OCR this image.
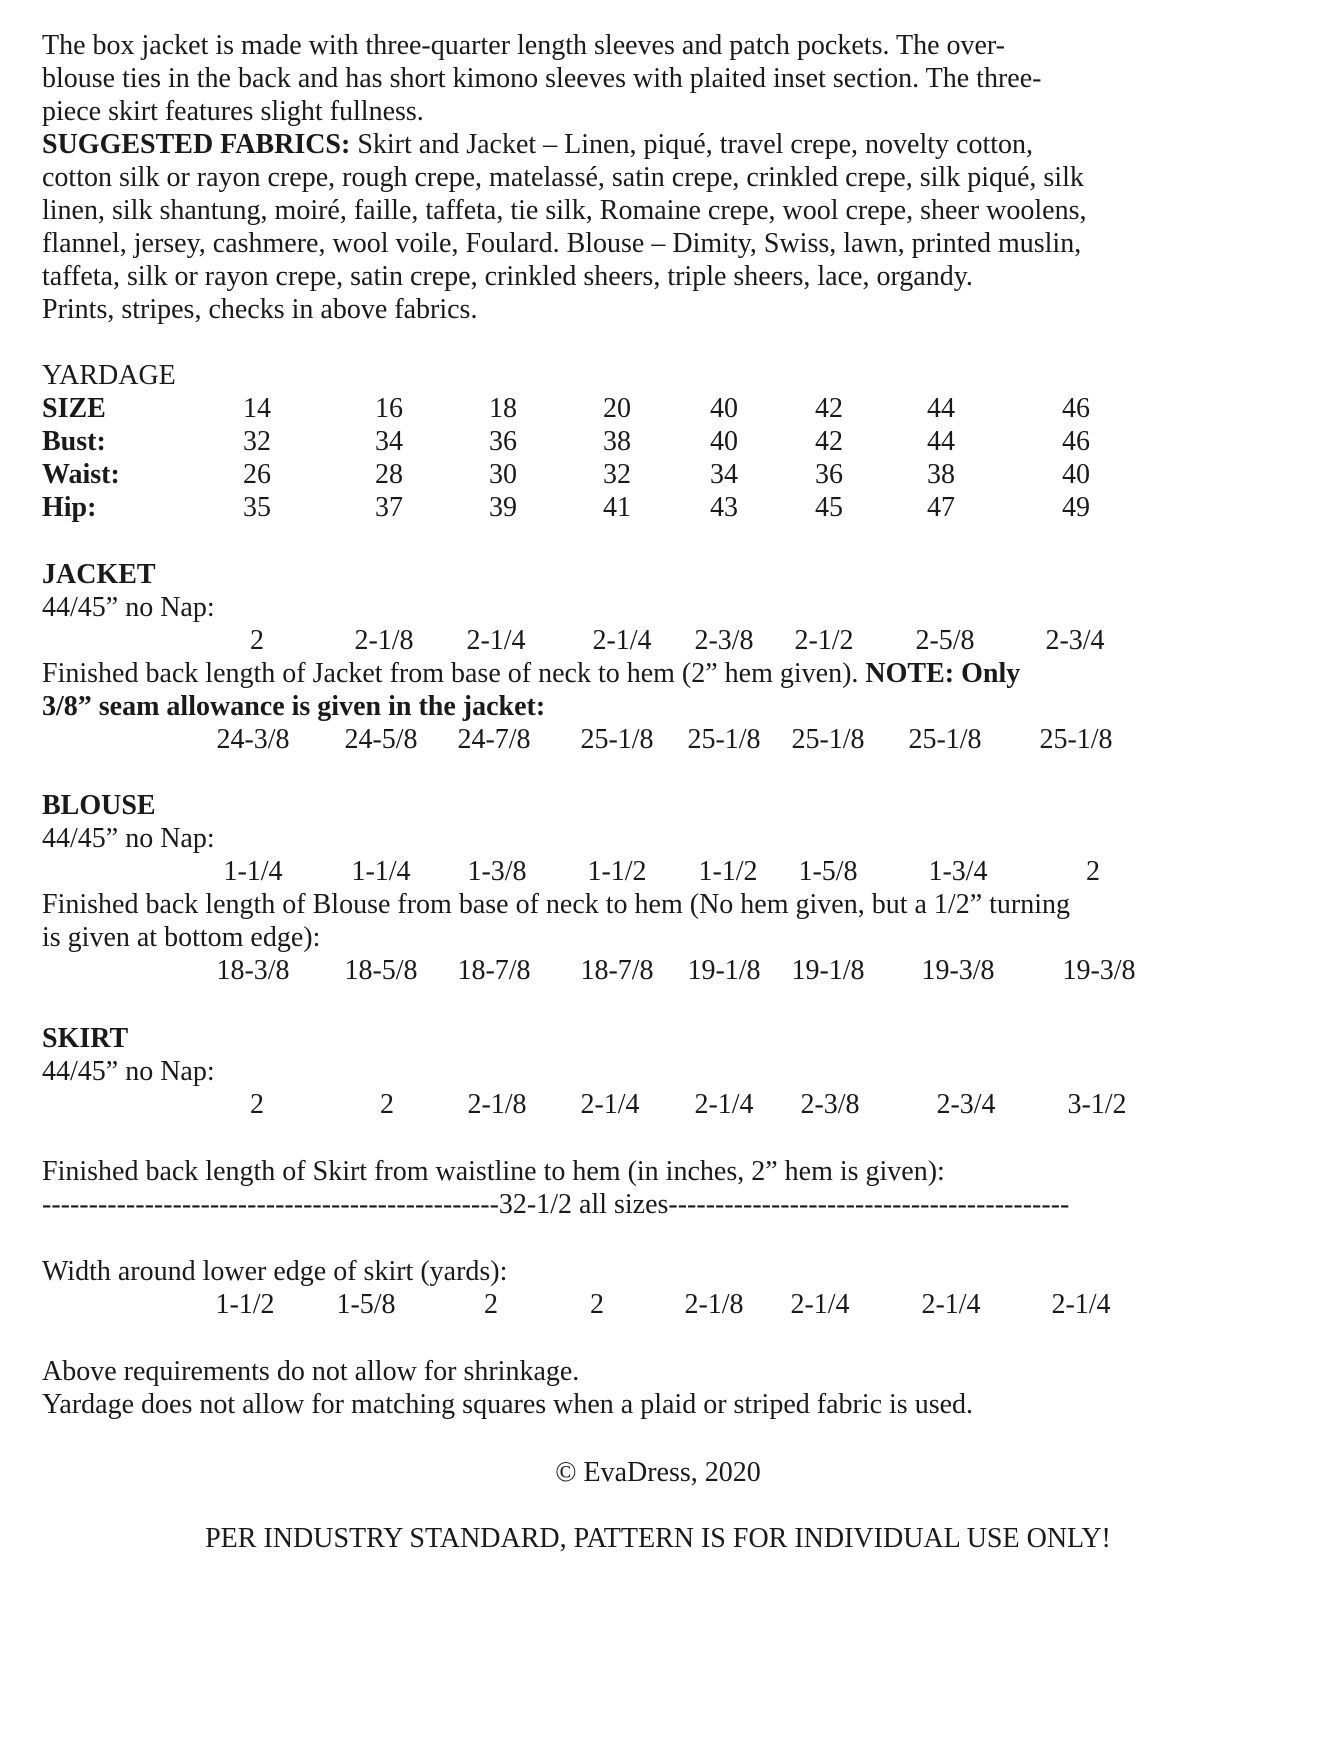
The box jacket is made with three-quarter length sleeves and patch pockets. The over-
blouse ties in the back and has short kimono sleeves with plaited inset section. The three-
piece skirt features slight fullness.
SUGGESTED FABRICS: Skirt and Jacket – Linen, piqué, travel crepe, novelty cotton,
cotton silk or rayon crepe, rough crepe, matelassé, satin crepe, crinkled crepe, silk piqué, silk
linen, silk shantung, moiré, faille, taffeta, tie silk, Romaine crepe, wool crepe, sheer woolens,
flannel, jersey, cashmere, wool voile, Foulard. Blouse – Dimity, Swiss, lawn, printed muslin,
taffeta, silk or rayon crepe, satin crepe, crinkled sheers, triple sheers, lace, organdy.
Prints, stripes, checks in above fabrics.
YARDAGE
SIZE	14	16	18	20	40	42	44	46
Bust:	32	34	36	38	40	42	44	46
Waist:	26	28	30	32	34	36	38	40
Hip:	35	37	39	41	43	45	47	49
JACKET
44/45” no Nap:
2	2-1/8 2-1/4 2-1/4 2-3/8 2-1/2 2-5/8	2-3/4
Finished back length of Jacket from base of neck to hem (2” hem given). NOTE: Only
3/8” seam allowance is given in the jacket:
24-3/8 24-5/8 24-7/8 25-1/8 25-1/8 25-1/8 25-1/8 25-1/8
BLOUSE
44/45” no Nap:
1-1/4 1-1/4 1-3/8 1-1/2 1-1/2 1-5/8	1-3/4	2
Finished back length of Blouse from base of neck to hem (No hem given, but a 1/2” turning
is given at bottom edge):
18-3/8 18-5/8 18-7/8 18-7/8 19-1/8 19-1/8 19-3/8 19-3/8
SKIRT
44/45” no Nap:
2	2	2-1/8 2-1/4 2-1/4 2-3/8	2-3/4	3-1/2
Finished back length of Skirt from waistline to hem (in inches, 2” hem is given):
-------------------------------------------------32-1/2 all sizes-------------------------------------------
Width around lower edge of skirt (yards):
1-1/2 1-5/8	2	2	2-1/8 2-1/4	2-1/4	2-1/4
Above requirements do not allow for shrinkage.
Yardage does not allow for matching squares when a plaid or striped fabric is used.
© EvaDress, 2020
PER INDUSTRY STANDARD, PATTERN IS FOR INDIVIDUAL USE ONLY!
